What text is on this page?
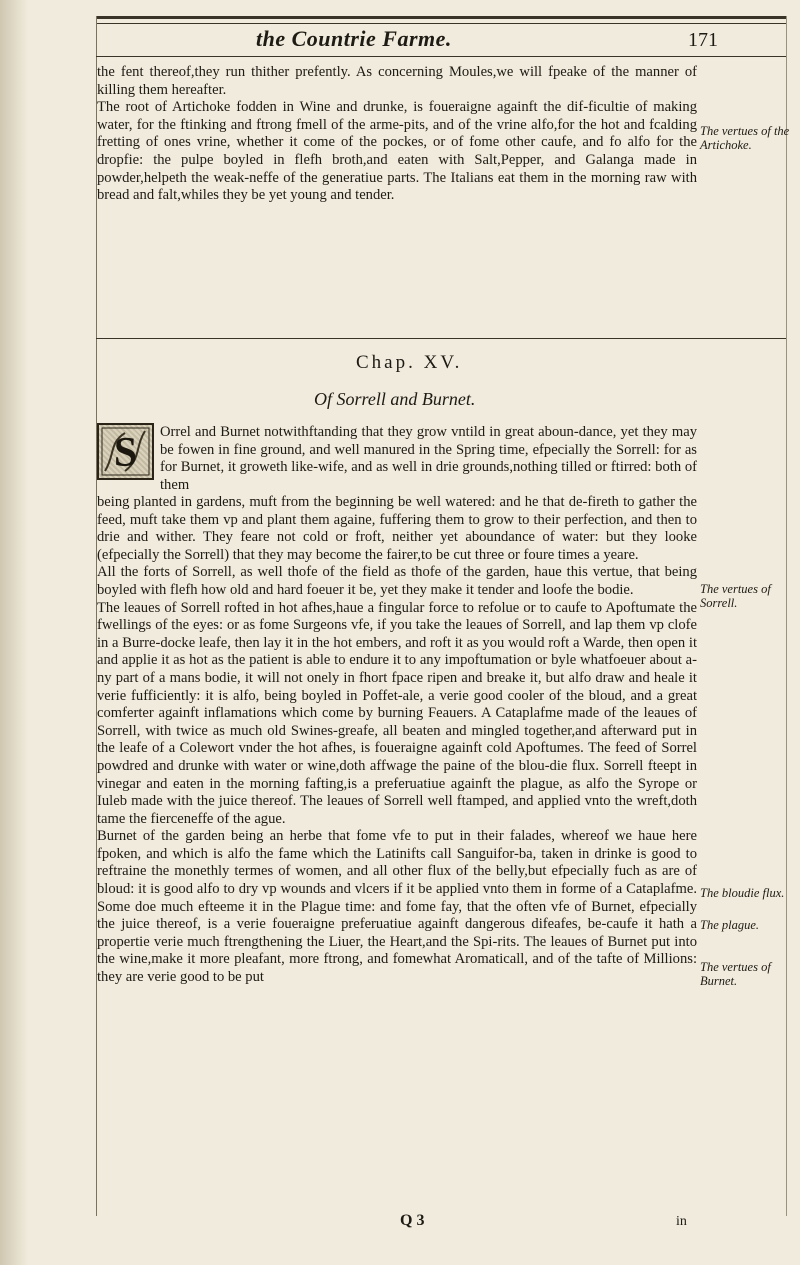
the Countrie Farme.	171
the fent thereof,they run thither prefently. As concerning Moules,we will fpeake of the manner of killing them hereafter.
The root of Artichoke fodden in Wine and drunke, is foueraigne againft the dif-ficultie of making water, for the ftinking and ftrong fmell of the arme-pits, and of the vrine alfo,for the hot and fcalding fretting of ones vrine, whether it come of the pockes, or of fome other caufe, and fo alfo for the dropfie: the pulpe boyled in flefh broth,and eaten with Salt,Pepper, and Galanga made in powder,helpeth the weak-neffe of the generatiue parts. The Italians eat them in the morning raw with bread and falt,whiles they be yet young and tender.
The vertues of the Artichoke.
Chap. XV.
Of Sorrell and Burnet.
S	Orrel and Burnet notwithftanding that they grow vntild in great aboun-dance, yet they may be fowen in fine ground, and well manured in the Spring time, efpecially the Sorrell: for as for Burnet, it groweth like-wife, and as well in drie grounds,nothing tilled or ftirred: both of them
being planted in gardens, muft from the beginning be well watered: and he that de-fireth to gather the feed, muft take them vp and plant them againe, fuffering them to grow to their perfection, and then to drie and wither. They feare not cold or froft, neither yet aboundance of water: but they looke (efpecially the Sorrell) that they may become the fairer,to be cut three or foure times a yeare.
All the forts of Sorrell, as well thofe of the field as thofe of the garden, haue this vertue, that being boyled with flefh how old and hard foeuer it be, yet they make it tender and loofe the bodie.
The leaues of Sorrell rofted in hot afhes,haue a fingular force to refolue or to caufe to Apoftumate the fwellings of the eyes: or as fome Surgeons vfe, if you take the leaues of Sorrell, and lap them vp clofe in a Burre-docke leafe, then lay it in the hot embers, and roft it as you would roft a Warde, then open it and applie it as hot as the patient is able to endure it to any impoftumation or byle whatfoeuer about a-ny part of a mans bodie, it will not onely in fhort fpace ripen and breake it, but alfo draw and heale it verie fufficiently: it is alfo, being boyled in Poffet-ale, a verie good cooler of the bloud, and a great comferter againft inflamations which come by burning Feauers. A Cataplafme made of the leaues of Sorrell, with twice as much old Swines-greafe, all beaten and mingled together,and afterward put in the leafe of a Colewort vnder the hot afhes, is foueraigne againft cold Apoftumes. The feed of Sorrel powdred and drunke with water or wine,doth affwage the paine of the blou-die flux. Sorrell fteept in vinegar and eaten in the morning fafting,is a preferuatiue againft the plague, as alfo the Syrope or Iuleb made with the juice thereof. The leaues of Sorrell well ftamped, and applied vnto the wreft,doth tame the fierceneffe of the ague.
Burnet of the garden being an herbe that fome vfe to put in their falades, whereof we haue here fpoken, and which is alfo the fame which the Latinifts call Sanguifor-ba, taken in drinke is good to reftraine the monethly termes of women, and all other flux of the belly,but efpecially fuch as are of bloud: it is good alfo to dry vp wounds and vlcers if it be applied vnto them in forme of a Cataplafme. Some doe much efteeme it in the Plague time: and fome fay, that the often vfe of Burnet, efpecially the juice thereof, is a verie foueraigne preferuatiue againft dangerous difeafes, be-caufe it hath a propertie verie much ftrengthening the Liuer, the Heart,and the Spi-rits. The leaues of Burnet put into the wine,make it more pleafant, more ftrong, and fomewhat Aromaticall, and of the tafte of Millions: they are verie good to be put
The vertues of Sorrell.
The bloudie flux.
The plague.
The vertues of Burnet.
Q 3	in
